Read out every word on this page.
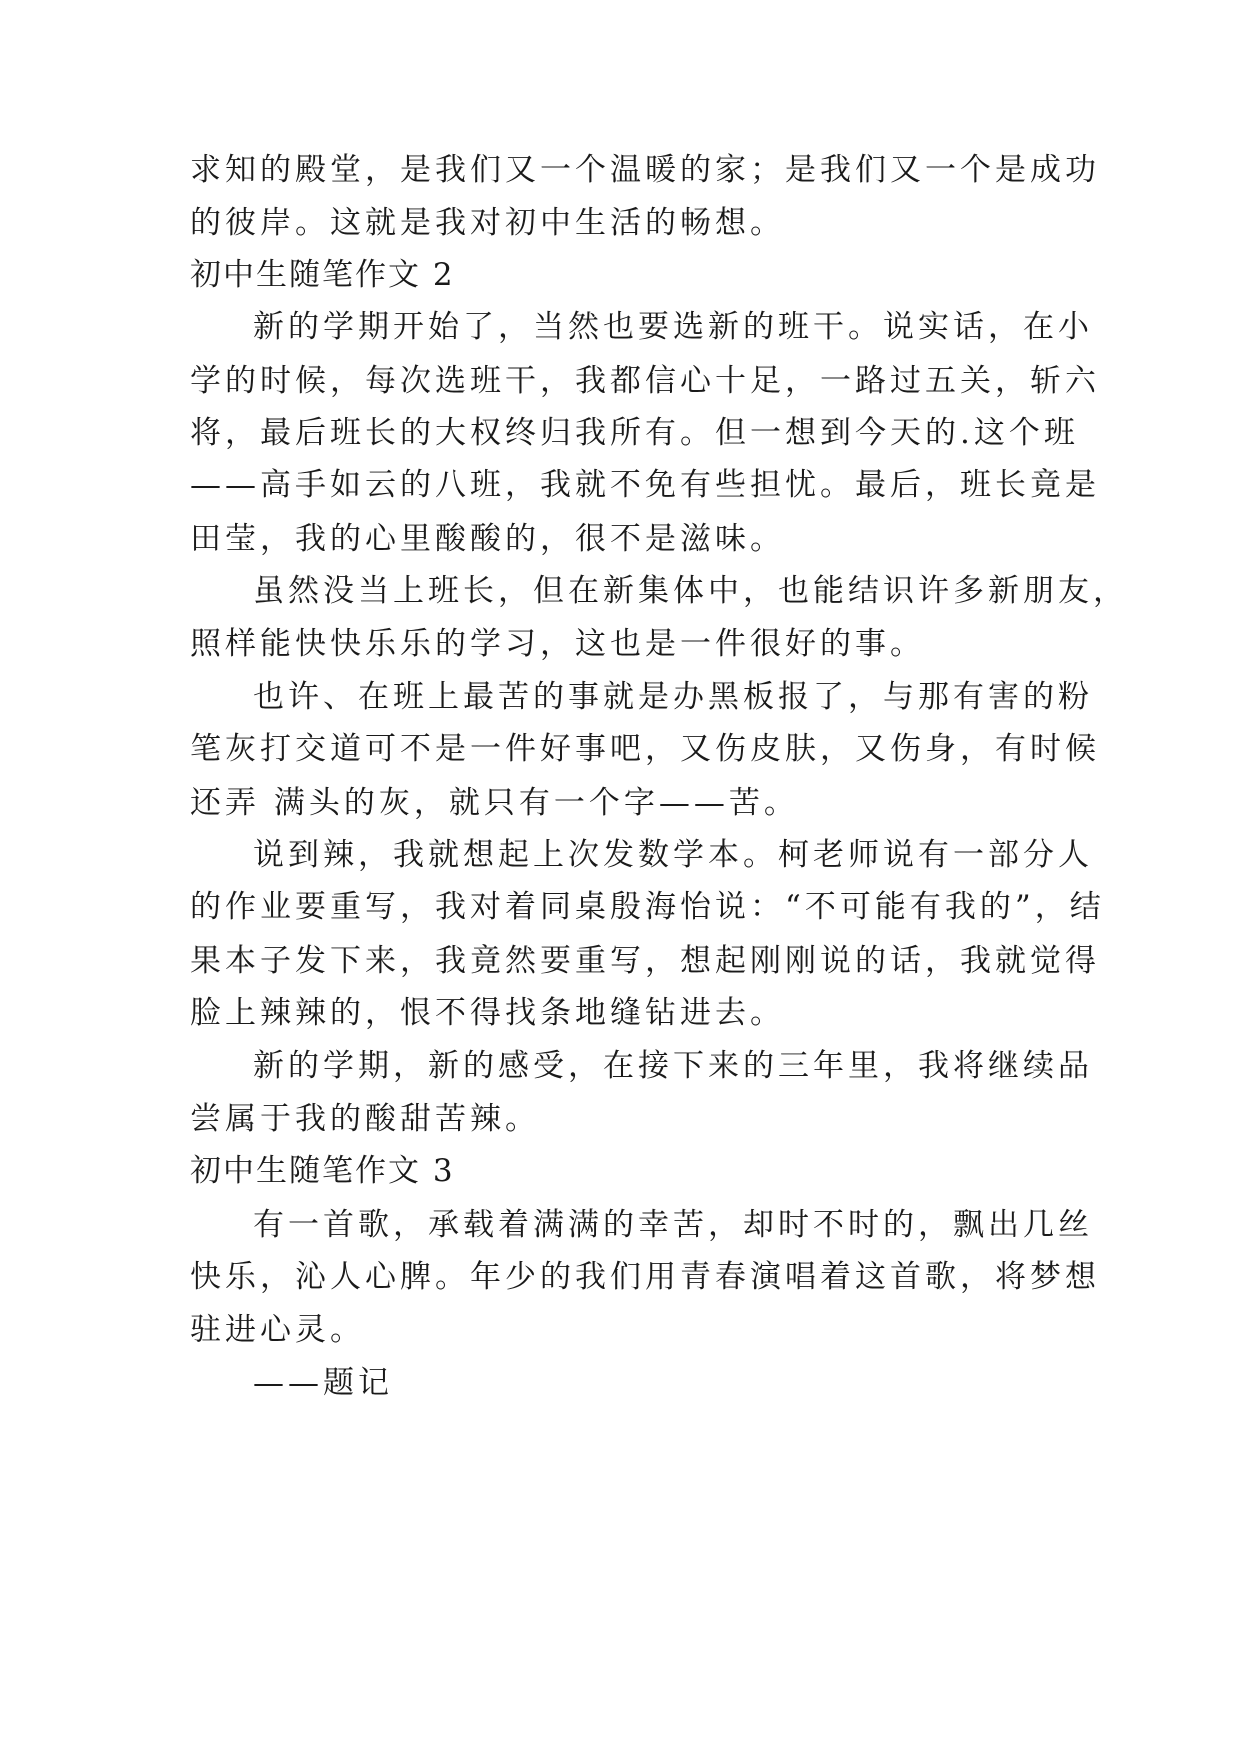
求知的殿堂，是我们又一个温暖的家；是我们又一个是成功
的彼岸。这就是我对初中生活的畅想。
初中生随笔作文 2
新的学期开始了，当然也要选新的班干。说实话，在小
学的时候，每次选班干，我都信心十足，一路过五关，斩六
将，最后班长的大权终归我所有。但一想到今天的.这个班
——高手如云的八班，我就不免有些担忧。最后，班长竟是
田莹，我的心里酸酸的，很不是滋味。
虽然没当上班长，但在新集体中，也能结识许多新朋友，
照样能快快乐乐的学习，这也是一件很好的事。
也许、在班上最苦的事就是办黑板报了，与那有害的粉
笔灰打交道可不是一件好事吧，又伤皮肤，又伤身，有时候
还弄 满头的灰，就只有一个字——苦。
说到辣，我就想起上次发数学本。柯老师说有一部分人
的作业要重写，我对着同桌殷海怡说：“不可能有我的”，结
果本子发下来，我竟然要重写，想起刚刚说的话，我就觉得
脸上辣辣的，恨不得找条地缝钻进去。
新的学期，新的感受，在接下来的三年里，我将继续品
尝属于我的酸甜苦辣。
初中生随笔作文 3
有一首歌，承载着满满的幸苦，却时不时的，飘出几丝
快乐，沁人心脾。年少的我们用青春演唱着这首歌，将梦想
驻进心灵。
——题记
